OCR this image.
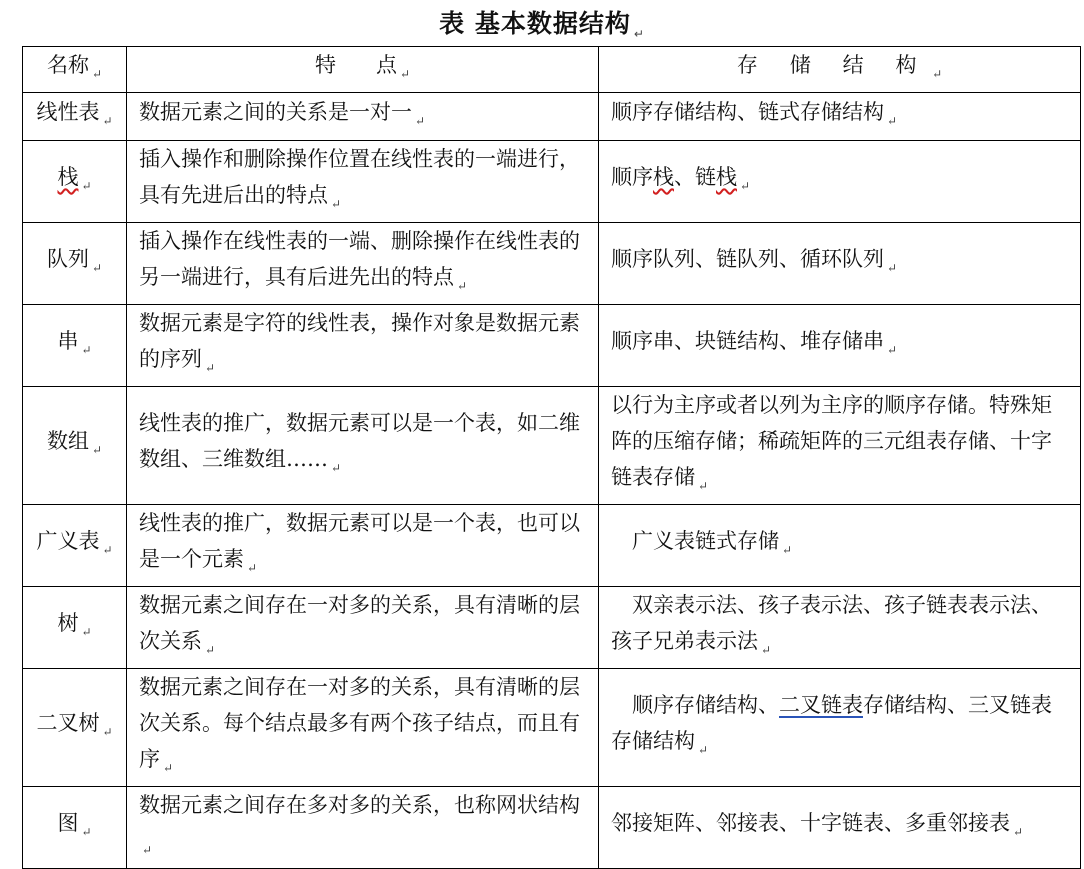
表 基本数据结构 $_↵$
名称 $_↵$	特      点 $_↵$	存 储 结 构 $_↵$
线性表 $_↵$	数据元素之间的关系是一对一 $_↵$	顺序存储结构、链式存储结构 $_↵$
栈 $_↵$	插入操作和删除操作位置在线性表的一端进行，具有先进后出的特点 $_↵$	顺序栈、链栈 $_↵$
队列 $_↵$	插入操作在线性表的一端、删除操作在线性表的另一端进行，具有后进先出的特点 $_↵$	顺序队列、链队列、循环队列 $_↵$
串 $_↵$	数据元素是字符的线性表，操作对象是数据元素的序列 $_↵$	顺序串、块链结构、堆存储串 $_↵$
数组 $_↵$	线性表的推广，数据元素可以是一个表，如二维数组、三维数组…… $_↵$	以行为主序或者以列为主序的顺序存储。特殊矩阵的压缩存储；稀疏矩阵的三元组表存储、十字链表存储 $_↵$
广义表 $_↵$	线性表的推广，数据元素可以是一个表，也可以是一个元素 $_↵$	广义表链式存储 $_↵$
树 $_↵$	数据元素之间存在一对多的关系，具有清晰的层次关系 $_↵$	双亲表示法、孩子表示法、孩子链表表示法、孩子兄弟表示法 $_↵$
二叉树 $_↵$	数据元素之间存在一对多的关系，具有清晰的层次关系。每个结点最多有两个孩子结点，而且有序 $_↵$	顺序存储结构、二叉链表存储结构、三叉链表存储结构 $_↵$
图 $_↵$	数据元素之间存在多对多的关系，也称网状结构$_↵$	邻接矩阵、邻接表、十字链表、多重邻接表 $_↵$
